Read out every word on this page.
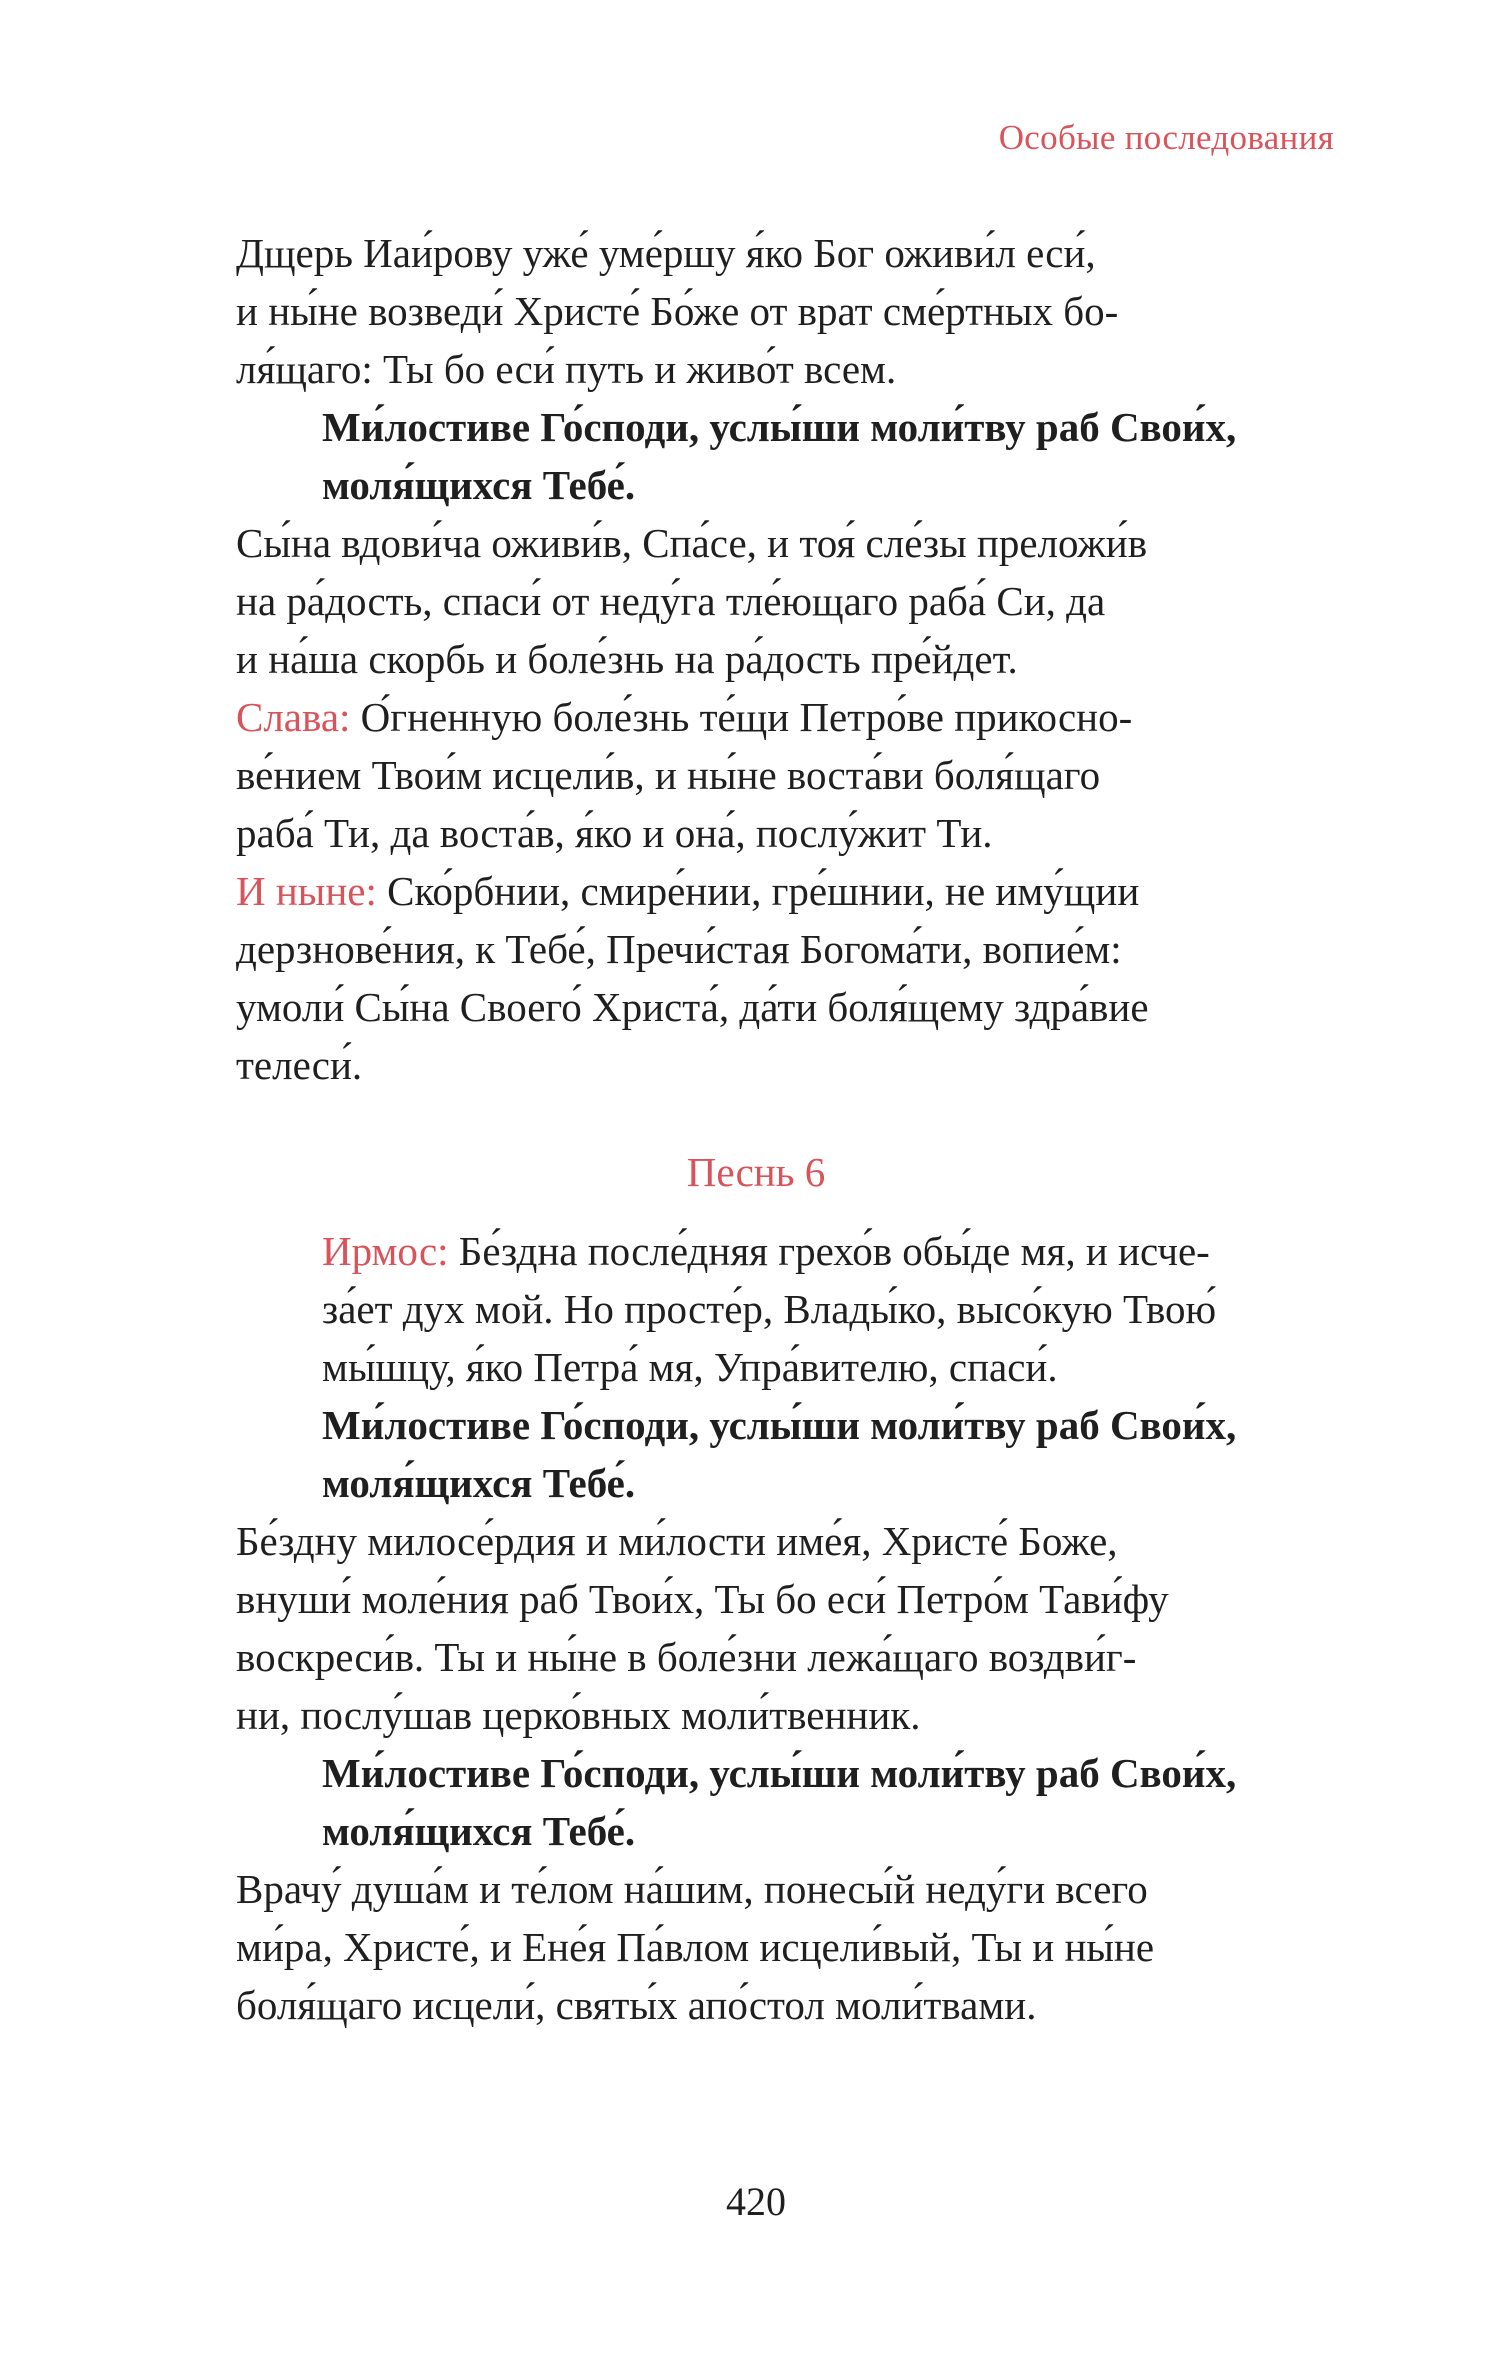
Особые последования
Дщерь Иаи́рову уже́ уме́ршу я́ко Бог оживи́л еси́,
и ны́не возведи́ Христе́ Бо́же от врат сме́ртных бо-
ля́щаго: Ты бо еси́ путь и живо́т всем.
Ми́лостиве Го́споди, услы́ши моли́тву раб Свои́х,
моля́щихся Тебе́.
Сы́на вдови́ча оживи́в, Спа́се, и тоя́ сле́зы преложи́в
на ра́дость, спаси́ от неду́га тле́ющаго раба́ Си, да
и на́ша скорбь и боле́знь на ра́дость пре́йдет.
Слава: О́гненную боле́знь те́щи Петро́ве прикосно-
ве́нием Твои́м исцели́в, и ны́не воста́ви боля́щаго
раба́ Ти, да воста́в, я́ко и она́, послу́жит Ти.
И ныне: Ско́рбнии, смире́нии, гре́шнии, не иму́щии
дерзнове́ния, к Тебе́, Пречи́стая Богома́ти, вопие́м:
умоли́ Сы́на Своего́ Христа́, да́ти боля́щему здра́вие
телеси́.
Песнь 6
Ирмос: Бе́здна после́дняя грехо́в обы́де мя, и исче-
за́ет дух мой. Но просте́р, Влады́ко, высо́кую Твою́
мы́шцу, я́ко Петра́ мя, Упра́вителю, спаси́.
Ми́лостиве Го́споди, услы́ши моли́тву раб Свои́х,
моля́щихся Тебе́.
Бе́здну милосе́рдия и ми́лости име́я, Христе́ Боже,
внуши́ моле́ния раб Твои́х, Ты бо еси́ Петро́м Тави́фу
воскреси́в. Ты и ны́не в боле́зни лежа́щаго воздви́г-
ни, послу́шав церко́вных моли́твенник.
Ми́лостиве Го́споди, услы́ши моли́тву раб Свои́х,
моля́щихся Тебе́.
Врачу́ душа́м и те́лом на́шим, понесы́й неду́ги всего
ми́ра, Христе́, и Ене́я Па́влом исцели́вый, Ты и ны́не
боля́щаго исцели́, святы́х апо́стол моли́твами.
420
